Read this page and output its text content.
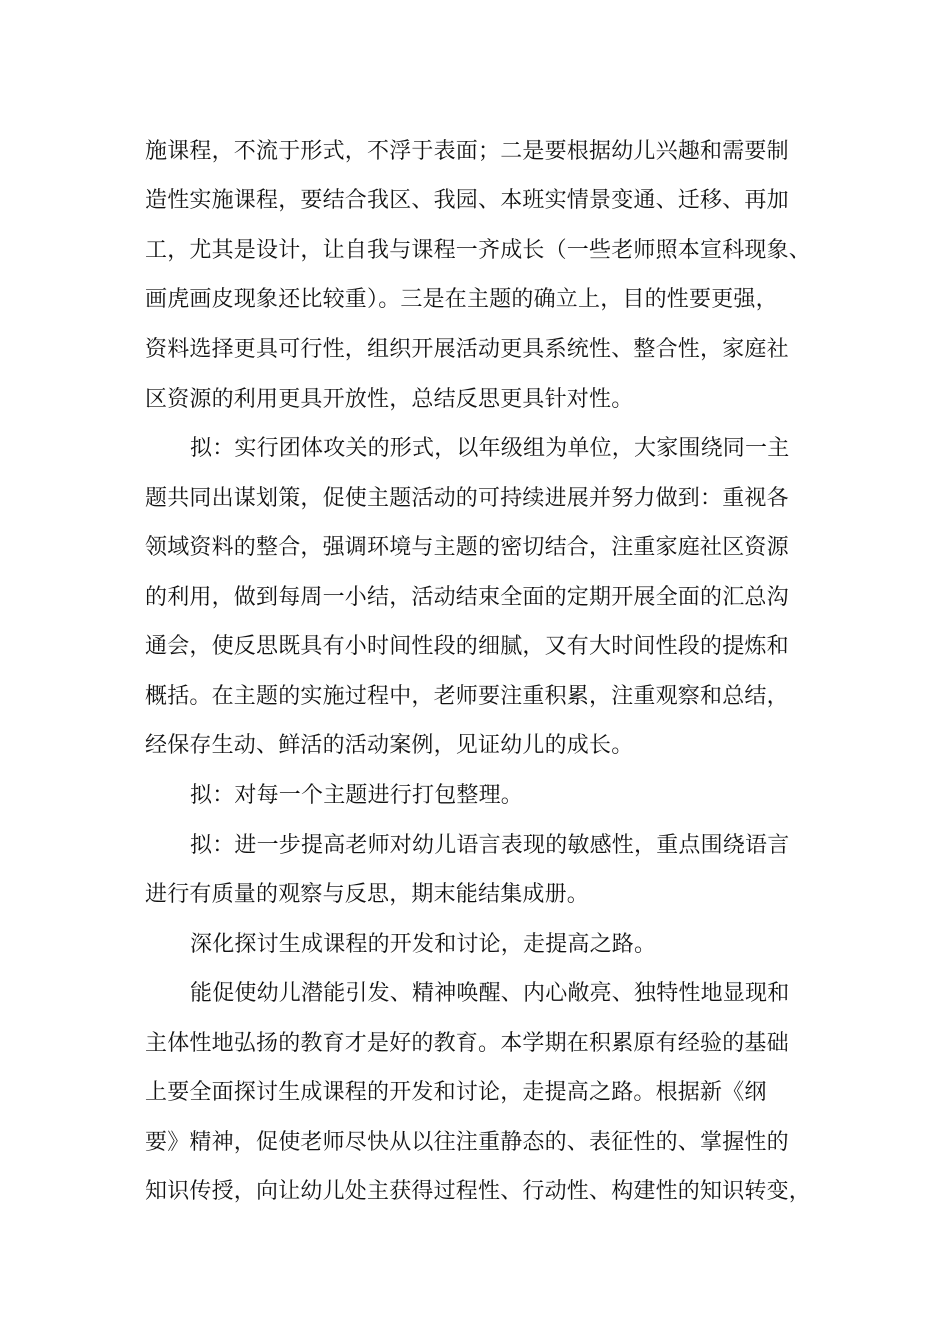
施课程，不流于形式，不浮于表面；二是要根据幼儿兴趣和需要制
造性实施课程，要结合我区、我园、本班实情景变通、迁移、再加
工，尤其是设计，让自我与课程一齐成长（一些老师照本宣科现象、
画虎画皮现象还比较重）。三是在主题的确立上，目的性要更强，
资料选择更具可行性，组织开展活动更具系统性、整合性，家庭社
区资源的利用更具开放性，总结反思更具针对性。
拟：实行团体攻关的形式，以年级组为单位，大家围绕同一主
题共同出谋划策，促使主题活动的可持续进展并努力做到：重视各
领域资料的整合，强调环境与主题的密切结合，注重家庭社区资源
的利用，做到每周一小结，活动结束全面的定期开展全面的汇总沟
通会，使反思既具有小时间性段的细腻，又有大时间性段的提炼和
概括。在主题的实施过程中，老师要注重积累，注重观察和总结，
经保存生动、鲜活的活动案例，见证幼儿的成长。
拟：对每一个主题进行打包整理。
拟：进一步提高老师对幼儿语言表现的敏感性，重点围绕语言
进行有质量的观察与反思，期末能结集成册。
深化探讨生成课程的开发和讨论，走提高之路。
能促使幼儿潜能引发、精神唤醒、内心敞亮、独特性地显现和
主体性地弘扬的教育才是好的教育。本学期在积累原有经验的基础
上要全面探讨生成课程的开发和讨论，走提高之路。根据新《纲
要》精神，促使老师尽快从以往注重静态的、表征性的、掌握性的
知识传授，向让幼儿处主获得过程性、行动性、构建性的知识转变，
